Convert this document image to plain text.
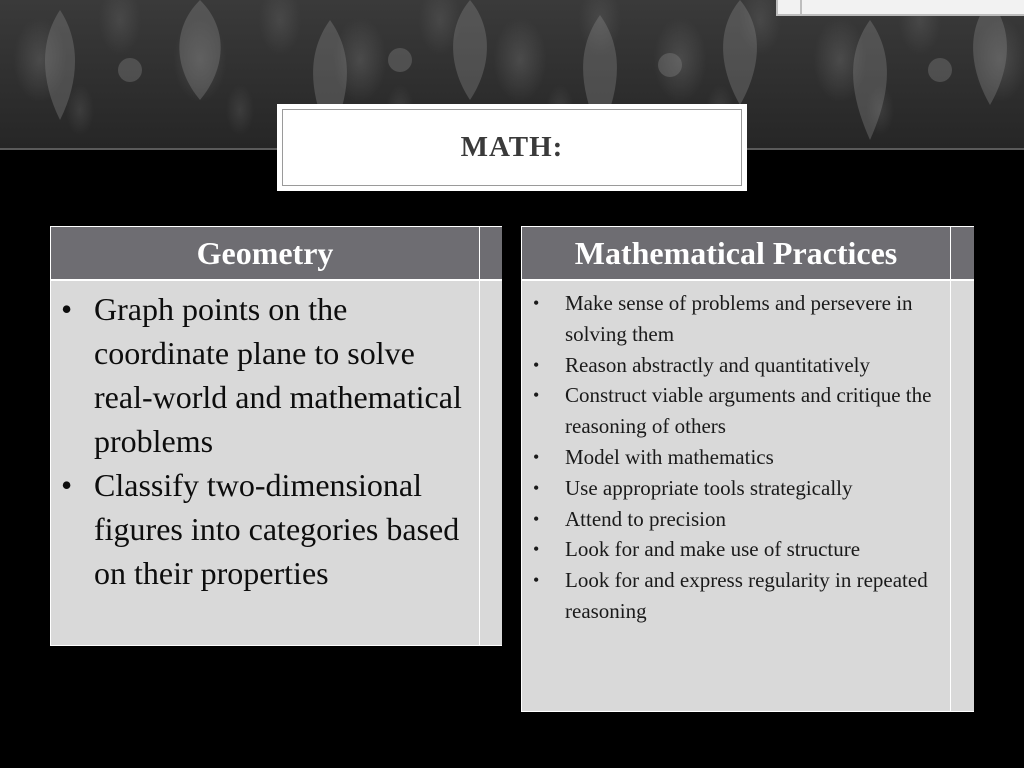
MATH:
Geometry
• Graph points on the coordinate plane to solve real-world and mathematical problems
• Classify two-dimensional figures into categories based on their properties
Mathematical Practices
• Make sense of problems and persevere in solving them
• Reason abstractly and quantitatively
• Construct viable arguments and critique the reasoning of others
• Model with mathematics
• Use appropriate tools strategically
• Attend to precision
• Look for and make use of structure
• Look for and express regularity in repeated reasoning
